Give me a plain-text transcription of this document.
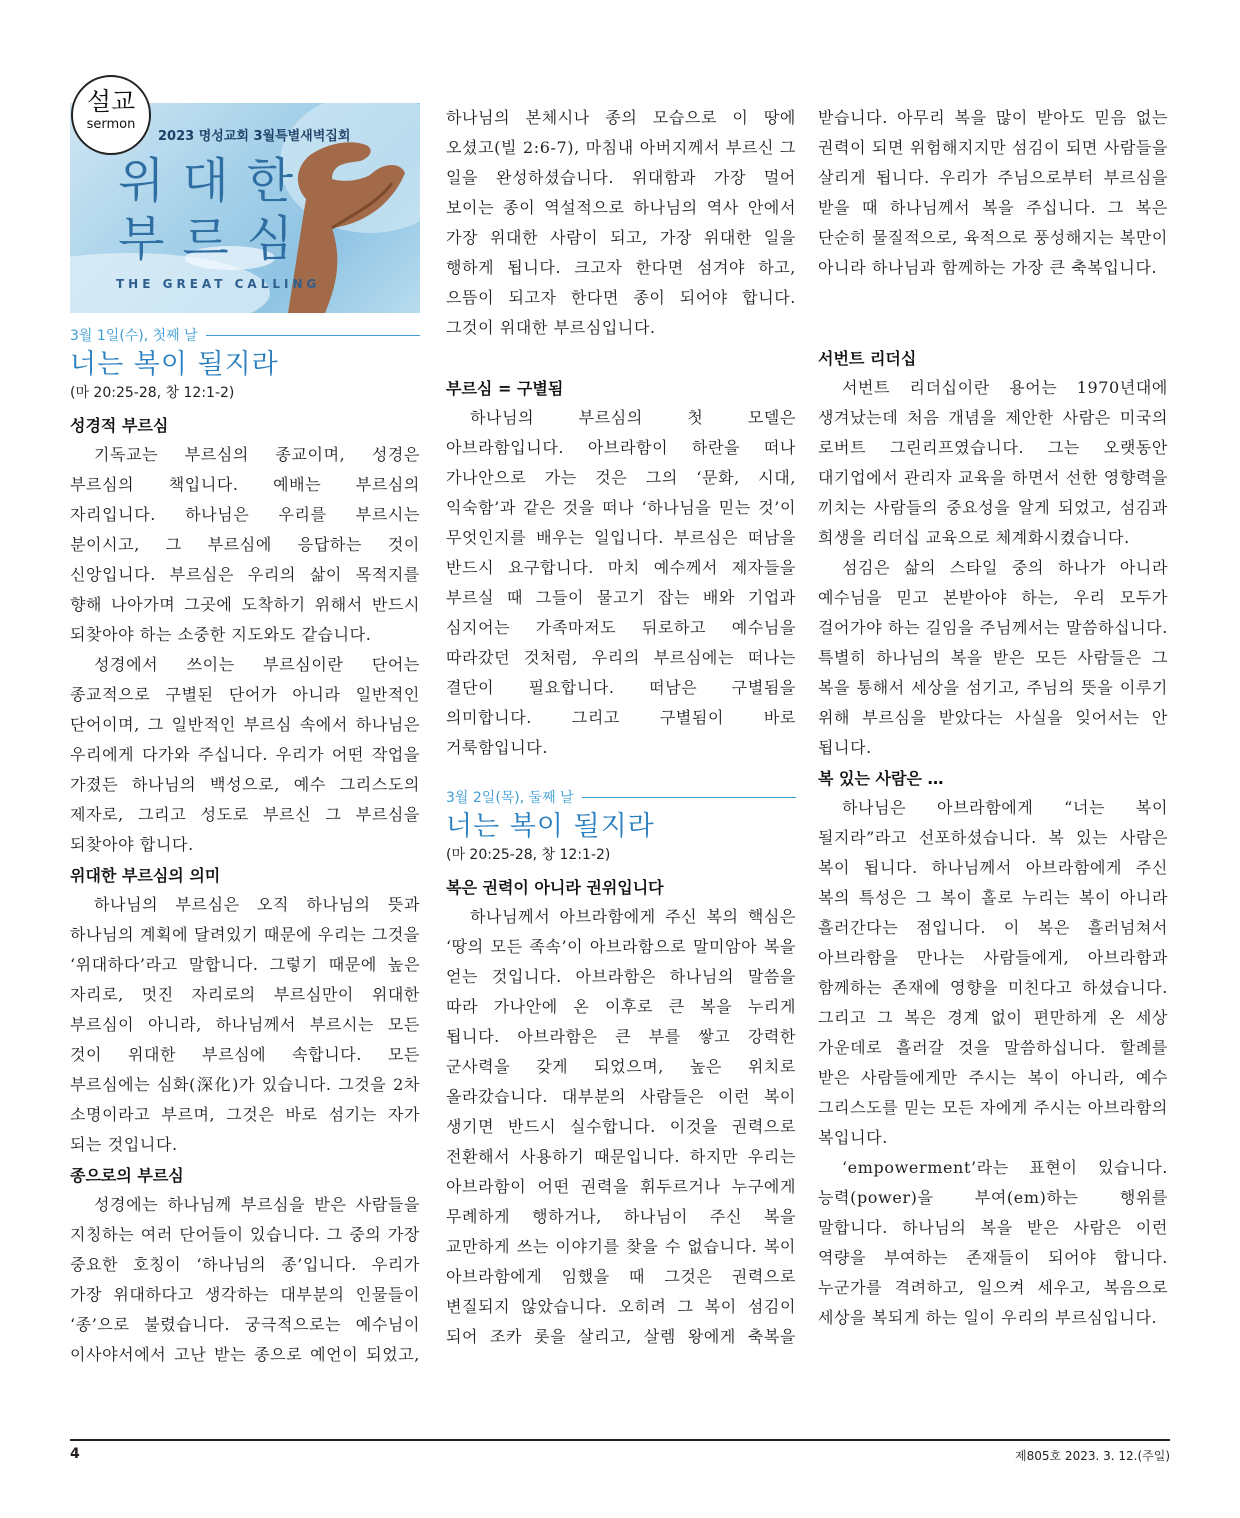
설교
sermon
2023 명성교회 3월특별새벽집회
위대한
부르심
THE GREAT CALLING
3월 1일(수), 첫째 날
너는 복이 될지라
(마 20:25-28, 창 12:1-2)
성경적 부르심

기독교는 부르심의 종교이며, 성경은 부르심의 책입니다. 예배는 부르심의 자리입니다. 하나님은 우리를 부르시는 분이시고, 그 부르심에 응답하는 것이 신앙입니다. 부르심은 우리의 삶이 목적지를 향해 나아가며 그곳에 도착하기 위해서 반드시 되찾아야 하는 소중한 지도와도 같습니다.

성경에서 쓰이는 부르심이란 단어는 종교적으로 구별된 단어가 아니라 일반적인 단어이며, 그 일반적인 부르심 속에서 하나님은 우리에게 다가와 주십니다. 우리가 어떤 작업을 가졌든 하나님의 백성으로, 예수 그리스도의 제자로, 그리고 성도로 부르신 그 부르심을 되찾아야 합니다.

위대한 부르심의 의미

하나님의 부르심은 오직 하나님의 뜻과 하나님의 계획에 달려있기 때문에 우리는 그것을 ‘위대하다’라고 말합니다. 그렇기 때문에 높은 자리로, 멋진 자리로의 부르심만이 위대한 부르심이 아니라, 하나님께서 부르시는 모든 것이 위대한 부르심에 속합니다. 모든 부르심에는 심화(深化)가 있습니다. 그것을 2차 소명이라고 부르며, 그것은 바로 섬기는 자가 되는 것입니다.

종으로의 부르심

성경에는 하나님께 부르심을 받은 사람들을 지칭하는 여러 단어들이 있습니다. 그 중의 가장 중요한 호칭이 ‘하나님의 종’입니다. 우리가 가장 위대하다고 생각하는 대부분의 인물들이 ‘종’으로 불렸습니다. 궁극적으로는 예수님이 이사야서에서 고난 받는 종으로 예언이 되었고,

하나님의 본체시나 종의 모습으로 이 땅에 오셨고(빌 2:6-7), 마침내 아버지께서 부르신 그 일을 완성하셨습니다. 위대함과 가장 멀어 보이는 종이 역설적으로 하나님의 역사 안에서 가장 위대한 사람이 되고, 가장 위대한 일을 행하게 됩니다. 크고자 한다면 섬겨야 하고, 으뜸이 되고자 한다면 종이 되어야 합니다. 그것이 위대한 부르심입니다.

부르심 = 구별됨

하나님의 부르심의 첫 모델은 아브라함입니다. 아브라함이 하란을 떠나 가나안으로 가는 것은 그의 ‘문화, 시대, 익숙함’과 같은 것을 떠나 ‘하나님을 믿는 것’이 무엇인지를 배우는 일입니다. 부르심은 떠남을 반드시 요구합니다. 마치 예수께서 제자들을 부르실 때 그들이 물고기 잡는 배와 기업과 심지어는 가족마저도 뒤로하고 예수님을 따라갔던 것처럼, 우리의 부르심에는 떠나는 결단이 필요합니다. 떠남은 구별됨을 의미합니다. 그리고 구별됨이 바로 거룩함입니다.

3월 2일(목), 둘째 날
너는 복이 될지라
(마 20:25-28, 창 12:1-2)
복은 권력이 아니라 권위입니다

하나님께서 아브라함에게 주신 복의 핵심은 ‘땅의 모든 족속’이 아브라함으로 말미암아 복을 얻는 것입니다. 아브라함은 하나님의 말씀을 따라 가나안에 온 이후로 큰 복을 누리게 됩니다. 아브라함은 큰 부를 쌓고 강력한 군사력을 갖게 되었으며, 높은 위치로 올라갔습니다. 대부분의 사람들은 이런 복이 생기면 반드시 실수합니다. 이것을 권력으로 전환해서 사용하기 때문입니다. 하지만 우리는 아브라함이 어떤 권력을 휘두르거나 누구에게 무례하게 행하거나, 하나님이 주신 복을 교만하게 쓰는 이야기를 찾을 수 없습니다. 복이 아브라함에게 임했을 때 그것은 권력으로 변질되지 않았습니다. 오히려 그 복이 섬김이 되어 조카 롯을 살리고, 살렘 왕에게 축복을

받습니다. 아무리 복을 많이 받아도 믿음 없는 권력이 되면 위험해지지만 섬김이 되면 사람들을 살리게 됩니다. 우리가 주님으로부터 부르심을 받을 때 하나님께서 복을 주십니다. 그 복은 단순히 물질적으로, 육적으로 풍성해지는 복만이 아니라 하나님과 함께하는 가장 큰 축복입니다.

서번트 리더십

서번트 리더십이란 용어는 1970년대에 생겨났는데 처음 개념을 제안한 사람은 미국의 로버트 그린리프였습니다. 그는 오랫동안 대기업에서 관리자 교육을 하면서 선한 영향력을 끼치는 사람들의 중요성을 알게 되었고, 섬김과 희생을 리더십 교육으로 체계화시켰습니다.

섬김은 삶의 스타일 중의 하나가 아니라 예수님을 믿고 본받아야 하는, 우리 모두가 걸어가야 하는 길임을 주님께서는 말씀하십니다. 특별히 하나님의 복을 받은 모든 사람들은 그 복을 통해서 세상을 섬기고, 주님의 뜻을 이루기 위해 부르심을 받았다는 사실을 잊어서는 안 됩니다.

복 있는 사람은 …

하나님은 아브라함에게 “너는 복이 될지라”라고 선포하셨습니다. 복 있는 사람은 복이 됩니다. 하나님께서 아브라함에게 주신 복의 특성은 그 복이 홀로 누리는 복이 아니라 흘러간다는 점입니다. 이 복은 흘러넘쳐서 아브라함을 만나는 사람들에게, 아브라함과 함께하는 존재에 영향을 미친다고 하셨습니다. 그리고 그 복은 경계 없이 편만하게 온 세상 가운데로 흘러갈 것을 말씀하십니다. 할례를 받은 사람들에게만 주시는 복이 아니라, 예수 그리스도를 믿는 모든 자에게 주시는 아브라함의 복입니다.

‘empowerment’라는 표현이 있습니다. 능력(power)을 부여(em)하는 행위를 말합니다. 하나님의 복을 받은 사람은 이런 역량을 부여하는 존재들이 되어야 합니다. 누군가를 격려하고, 일으켜 세우고, 복음으로 세상을 복되게 하는 일이 우리의 부르심입니다.

4	제805호 2023. 3. 12.(주일)
